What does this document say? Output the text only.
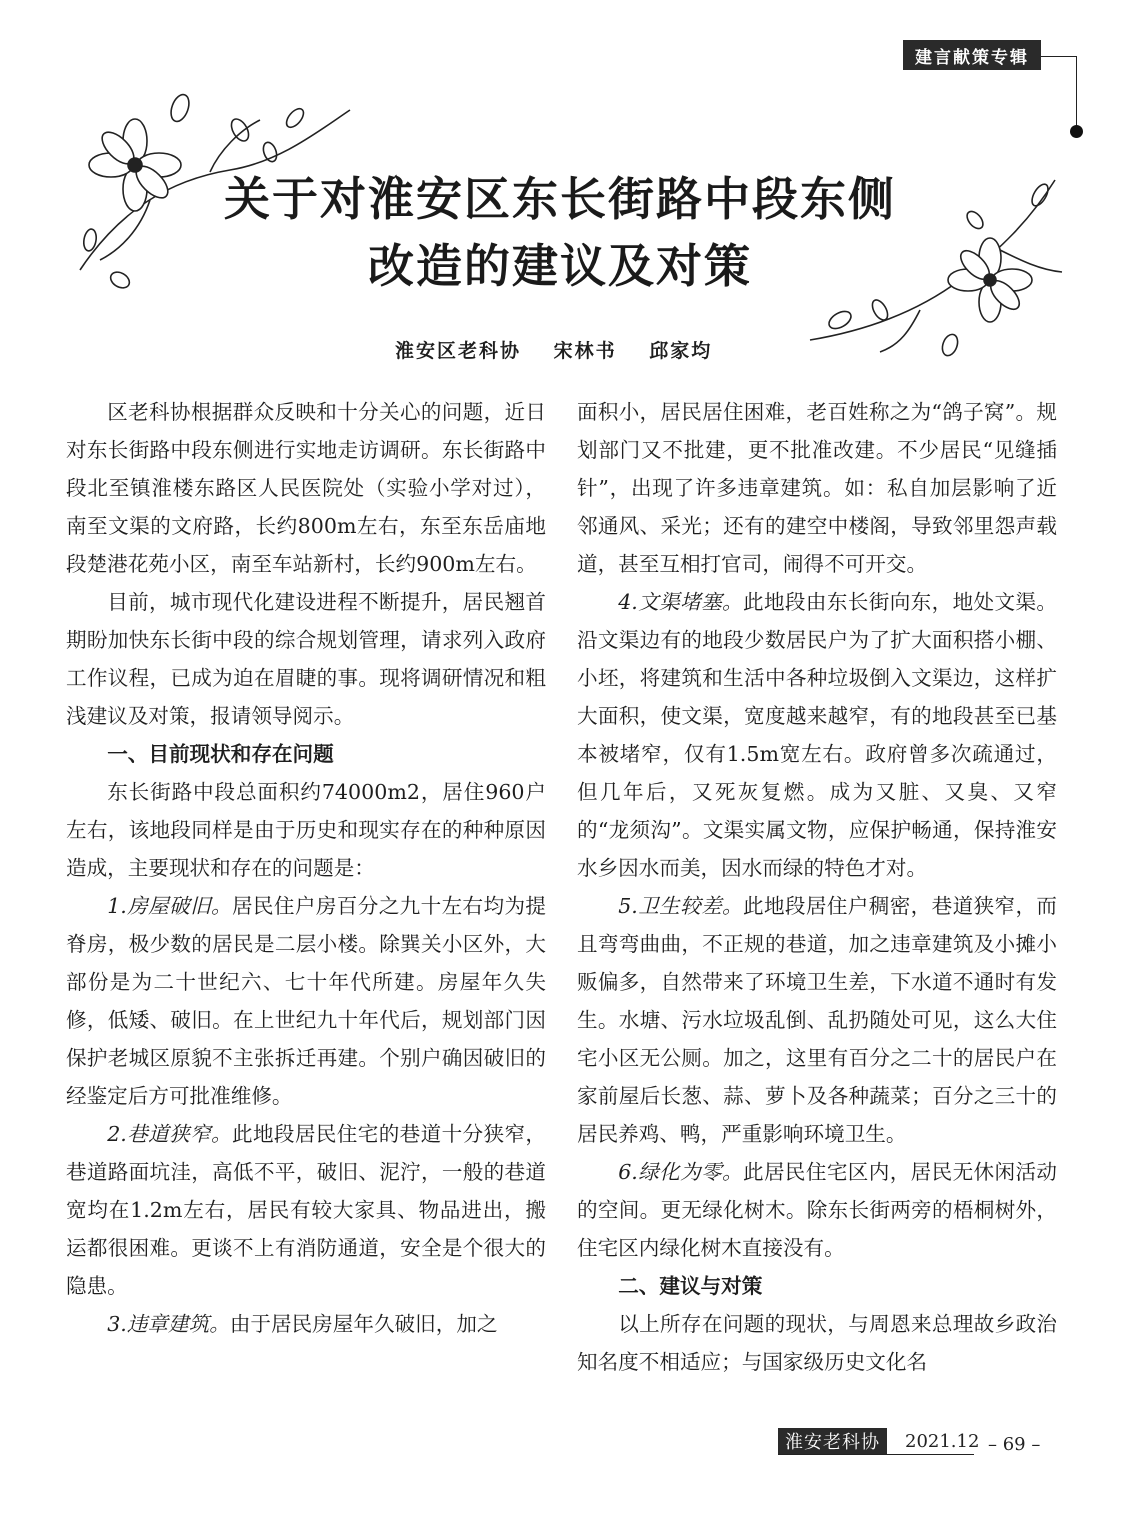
建言献策专辑
关于对淮安区东长街路中段东侧
改造的建议及对策
淮安区老科协 宋林书 邱家均

区老科协根据群众反映和十分关心的问题，近日对东长街路中段东侧进行实地走访调研。东长街路中段北至镇淮楼东路区人民医院处（实验小学对过），南至文渠的文府路，长约800m左右，东至东岳庙地段楚港花苑小区，南至车站新村，长约900m左右。

目前，城市现代化建设进程不断提升，居民翘首期盼加快东长街中段的综合规划管理，请求列入政府工作议程，已成为迫在眉睫的事。现将调研情况和粗浅建议及对策，报请领导阅示。

一、目前现状和存在问题

东长街路中段总面积约74000m2，居住960户左右，该地段同样是由于历史和现实存在的种种原因造成，主要现状和存在的问题是：

1.房屋破旧。居民住户房百分之九十左右均为提脊房，极少数的居民是二层小楼。除巽关小区外，大部份是为二十世纪六、七十年代所建。房屋年久失修，低矮、破旧。在上世纪九十年代后，规划部门因保护老城区原貌不主张拆迁再建。个别户确因破旧的经鉴定后方可批准维修。

2.巷道狭窄。此地段居民住宅的巷道十分狭窄，巷道路面坑洼，高低不平，破旧、泥泞，一般的巷道宽均在1.2m左右，居民有较大家具、物品进出，搬运都很困难。更谈不上有消防通道，安全是个很大的隐患。

3.违章建筑。由于居民房屋年久破旧，加之

面积小，居民居住困难，老百姓称之为“鸽子窝”。规划部门又不批建，更不批准改建。不少居民“见缝插针”，出现了许多违章建筑。如：私自加层影响了近邻通风、采光；还有的建空中楼阁，导致邻里怨声载道，甚至互相打官司，闹得不可开交。

4.文渠堵塞。此地段由东长街向东，地处文渠。沿文渠边有的地段少数居民户为了扩大面积搭小棚、小坯，将建筑和生活中各种垃圾倒入文渠边，这样扩大面积，使文渠，宽度越来越窄，有的地段甚至已基本被堵窄，仅有1.5m宽左右。政府曾多次疏通过，但几年后，又死灰复燃。成为又脏、又臭、又窄的“龙须沟”。文渠实属文物，应保护畅通，保持淮安水乡因水而美，因水而绿的特色才对。

5.卫生较差。此地段居住户稠密，巷道狭窄，而且弯弯曲曲，不正规的巷道，加之违章建筑及小摊小贩偏多，自然带来了环境卫生差，下水道不通时有发生。水塘、污水垃圾乱倒、乱扔随处可见，这么大住宅小区无公厕。加之，这里有百分之二十的居民户在家前屋后长葱、蒜、萝卜及各种蔬菜；百分之三十的居民养鸡、鸭，严重影响环境卫生。

6.绿化为零。此居民住宅区内，居民无休闲活动的空间。更无绿化树木。除东长街两旁的梧桐树外，住宅区内绿化树木直接没有。

二、建议与对策

以上所存在问题的现状，与周恩来总理故乡政治知名度不相适应；与国家级历史文化名

淮安老科协	2021.12 – 69 –
